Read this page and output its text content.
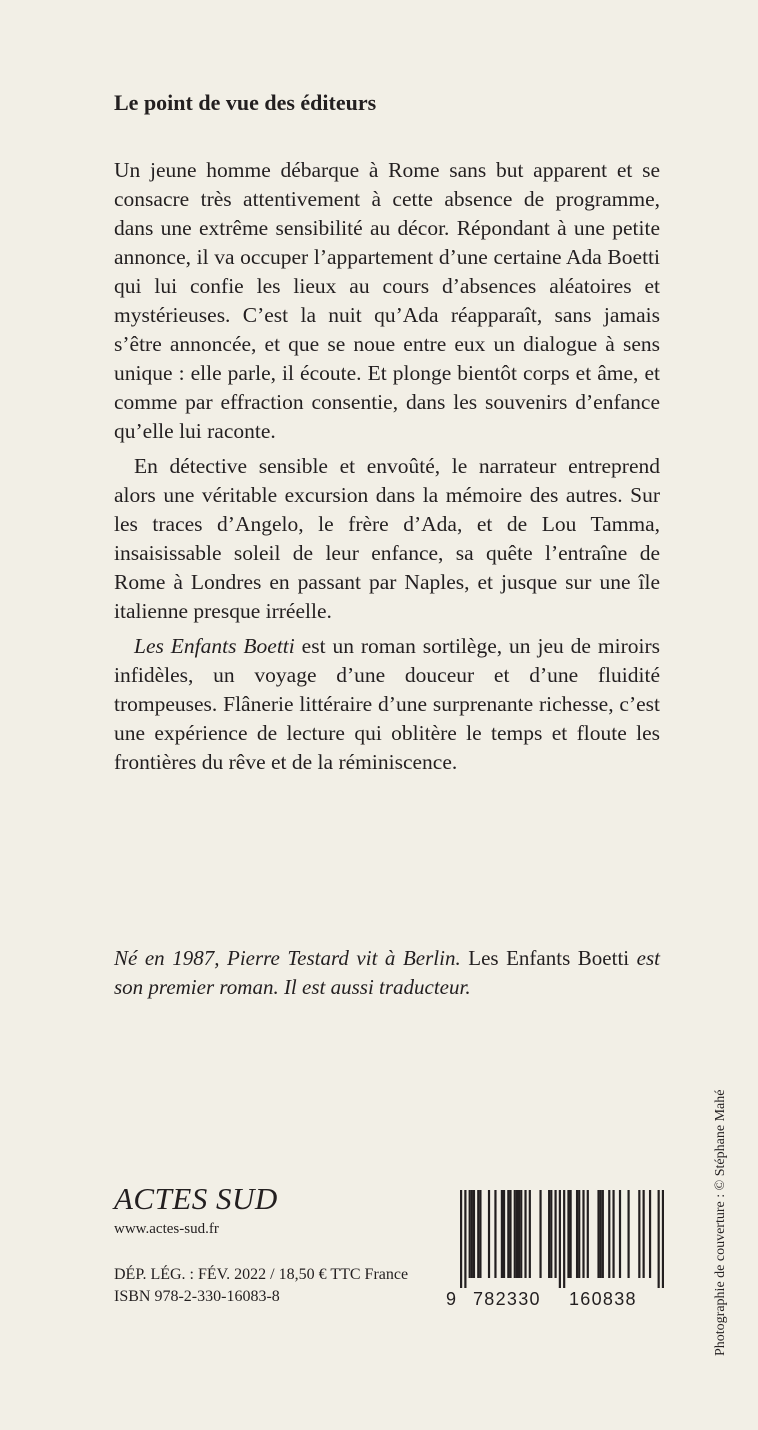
Le point de vue des éditeurs

Un jeune homme débarque à Rome sans but apparent et se consacre très attentivement à cette absence de programme, dans une extrême sensibilité au décor. Répondant à une petite annonce, il va occuper l’appartement d’une certaine Ada Boetti qui lui confie les lieux au cours d’absences aléatoires et mystérieuses. C’est la nuit qu’Ada réapparaît, sans jamais s’être annoncée, et que se noue entre eux un dialogue à sens unique : elle parle, il écoute. Et plonge bientôt corps et âme, et comme par effraction consentie, dans les souvenirs d’enfance qu’elle lui raconte.

En détective sensible et envoûté, le narrateur entreprend alors une véritable excursion dans la mémoire des autres. Sur les traces d’Angelo, le frère d’Ada, et de Lou Tamma, insaisissable soleil de leur enfance, sa quête l’entraîne de Rome à Londres en passant par Naples, et jusque sur une île italienne presque irréelle.

Les Enfants Boetti est un roman sortilège, un jeu de miroirs infidèles, un voyage d’une douceur et d’une fluidité trompeuses. Flânerie littéraire d’une surprenante richesse, c’est une expérience de lecture qui oblitère le temps et floute les frontières du rêve et de la réminiscence.

Né en 1987, Pierre Testard vit à Berlin. Les Enfants Boetti est son premier roman. Il est aussi traducteur.

Photographie de couverture : © Stéphane Mahé
ACTES SUD
www.actes-sud.fr
DÉP. LÉG. : FÉV. 2022 / 18,50 € TTC France
ISBN 978-2-330-16083-8	9 782330 160838
